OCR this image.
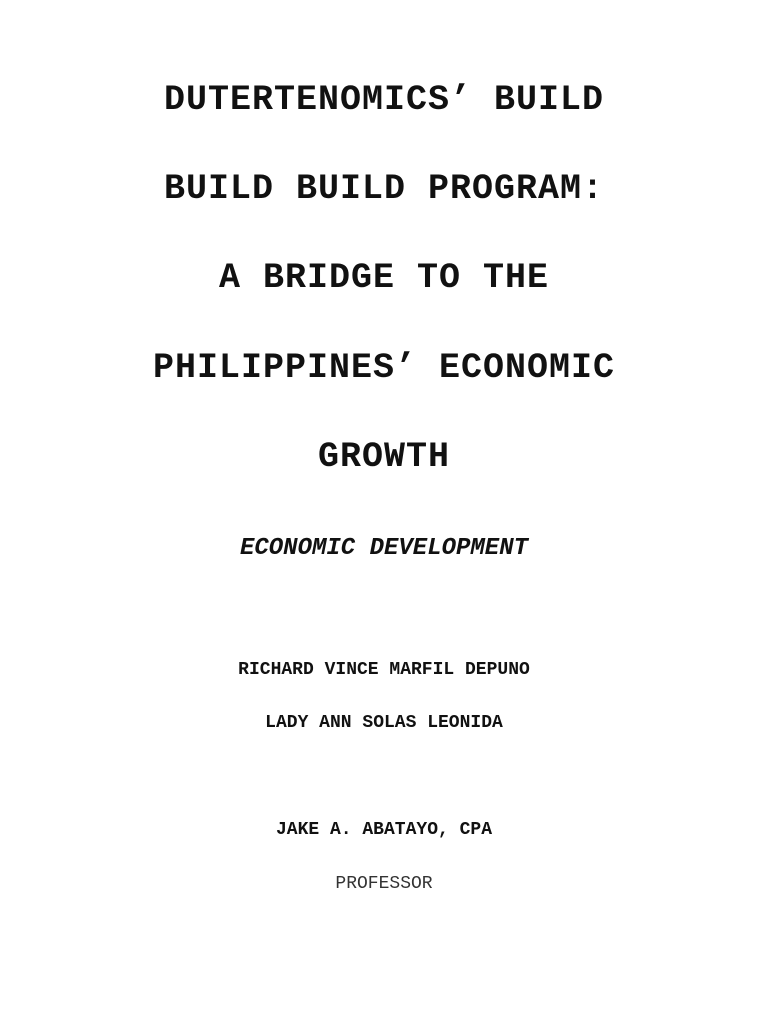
DUTERTENOMICS’ BUILD
BUILD BUILD PROGRAM:
A BRIDGE TO THE
PHILIPPINES’ ECONOMIC
GROWTH
ECONOMIC DEVELOPMENT
RICHARD VINCE MARFIL DEPUNO
LADY ANN SOLAS LEONIDA
JAKE A. ABATAYO, CPA
PROFESSOR
